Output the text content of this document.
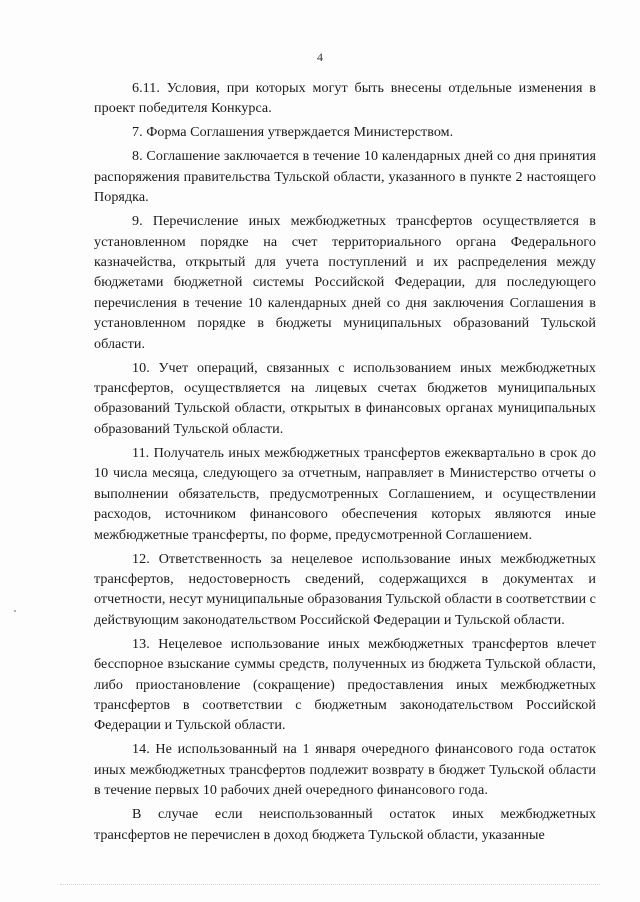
4

6.11. Условия, при которых могут быть внесены отдельные изменения в проект победителя Конкурса.

7. Форма Соглашения утверждается Министерством.

8. Соглашение заключается в течение 10 календарных дней со дня принятия распоряжения правительства Тульской области, указанного в пункте 2 настоящего Порядка.

9. Перечисление иных межбюджетных трансфертов осуществляется в установленном порядке на счет территориального органа Федерального казначейства, открытый для учета поступлений и их распределения между бюджетами бюджетной системы Российской Федерации, для последующего перечисления в течение 10 календарных дней со дня заключения Соглашения в установленном порядке в бюджеты муниципальных образований Тульской области.

10. Учет операций, связанных с использованием иных межбюджетных трансфертов, осуществляется на лицевых счетах бюджетов муниципальных образований Тульской области, открытых в финансовых органах муниципальных образований Тульской области.

11. Получатель иных межбюджетных трансфертов ежеквартально в срок до 10 числа месяца, следующего за отчетным, направляет в Министерство отчеты о выполнении обязательств, предусмотренных Соглашением, и осуществлении расходов, источником финансового обеспечения которых являются иные межбюджетные трансферты, по форме, предусмотренной Соглашением.

12. Ответственность за нецелевое использование иных межбюджетных трансфертов, недостоверность сведений, содержащихся в документах и отчетности, несут муниципальные образования Тульской области в соответствии с действующим законодательством Российской Федерации и Тульской области.

13. Нецелевое использование иных межбюджетных трансфертов влечет бесспорное взыскание суммы средств, полученных из бюджета Тульской области, либо приостановление (сокращение) предоставления иных межбюджетных трансфертов в соответствии с бюджетным законодательством Российской Федерации и Тульской области.

14. Не использованный на 1 января очередного финансового года остаток иных межбюджетных трансфертов подлежит возврату в бюджет Тульской области в течение первых 10 рабочих дней очередного финансового года.

В случае если неиспользованный остаток иных межбюджетных трансфертов не перечислен в доход бюджета Тульской области, указанные
